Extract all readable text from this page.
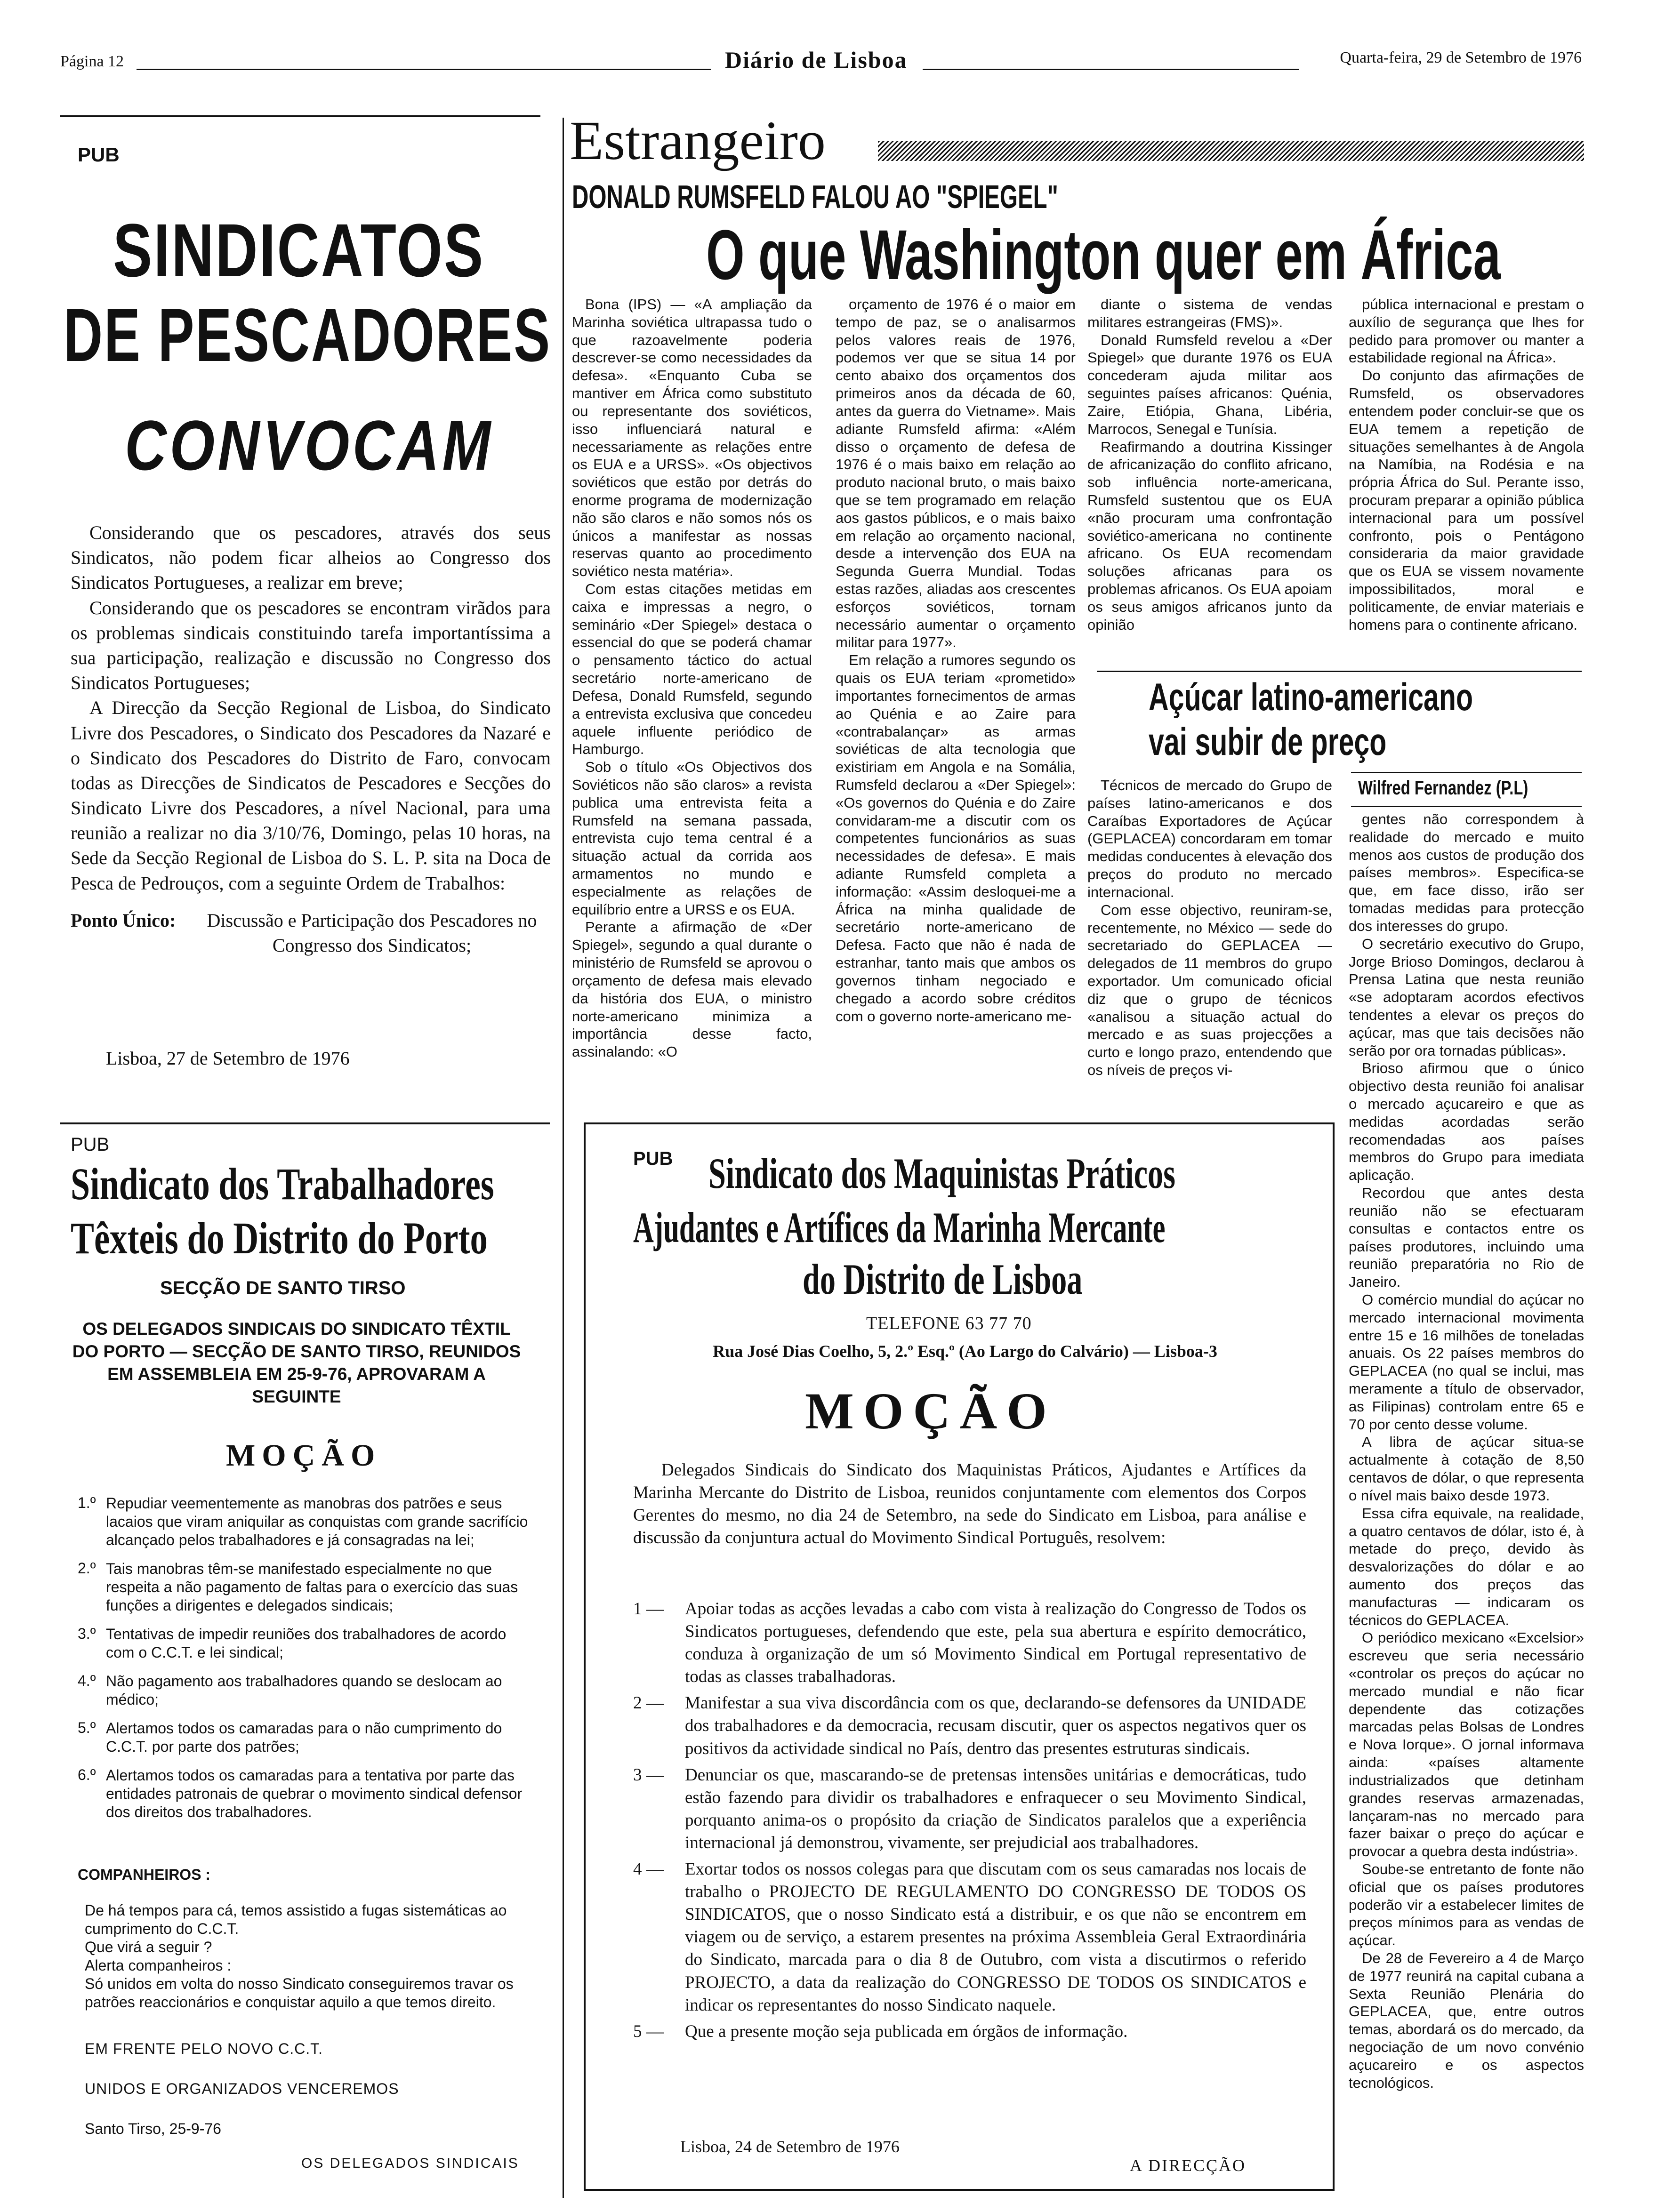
Página 12	Diário de Lisboa	Quarta-feira, 29 de Setembro de 1976
PUB
SINDICATOS
DE PESCADORES
CONVOCAM

Considerando que os pescadores, através dos seus Sindicatos, não podem ficar alheios ao Congresso dos Sindicatos Portugueses, a realizar em breve;

Considerando que os pescadores se encontram virãdos para os problemas sindicais constituindo tarefa importantíssima a sua participação, realização e discussão no Congresso dos Sindicatos Portugueses;

A Direcção da Secção Regional de Lisboa, do Sindicato Livre dos Pescadores, o Sindicato dos Pescadores da Nazaré e o Sindicato dos Pescadores do Distrito de Faro, convocam todas as Direcções de Sindicatos de Pescadores e Secções do Sindicato Livre dos Pescadores, a nível Nacional, para uma reunião a realizar no dia 3/10/76, Domingo, pelas 10 horas, na Sede da Secção Regional de Lisboa do S. L. P. sita na Doca de Pesca de Pedrouços, com a seguinte Ordem de Trabalhos:

Ponto Único:	Discussão e Participação dos Pescadores no Congresso dos Sindicatos;
Lisboa, 27 de Setembro de 1976
PUB
Sindicato dos Trabalhadores
Têxteis do Distrito do Porto
SECÇÃO DE SANTO TIRSO
OS DELEGADOS SINDICAIS DO SINDICATO TÊXTIL DO PORTO — SECÇÃO DE SANTO TIRSO, REUNIDOS EM ASSEMBLEIA EM 25-9-76, APROVARAM A SEGUINTE
MOÇÃO
1.º Repudiar veementemente as manobras dos patrões e seus lacaios que viram aniquilar as conquistas com grande sacrifício alcançado pelos trabalhadores e já consagradas na lei;
2.º Tais manobras têm-se manifestado especialmente no que respeita a não pagamento de faltas para o exercício das suas funções a dirigentes e delegados sindicais;
3.º Tentativas de impedir reuniões dos trabalhadores de acordo com o C.C.T. e lei sindical;
4.º Não pagamento aos trabalhadores quando se deslocam ao médico;
5.º Alertamos todos os camaradas para o não cumprimento do C.C.T. por parte dos patrões;
6.º Alertamos todos os camaradas para a tentativa por parte das entidades patronais de quebrar o movimento sindical defensor dos direitos dos trabalhadores.
COMPANHEIROS :
De há tempos para cá, temos assistido a fugas sistemáticas ao cumprimento do C.C.T.
Que virá a seguir ?
Alerta companheiros :
Só unidos em volta do nosso Sindicato conseguiremos travar os patrões reaccionários e conquistar aquilo a que temos direito.
EM FRENTE PELO NOVO C.C.T.
UNIDOS E ORGANIZADOS VENCEREMOS
Santo Tirso, 25-9-76
OS DELEGADOS SINDICAIS
Estrangeiro
DONALD RUMSFELD FALOU AO "SPIEGEL"
O que Washington quer em África

Bona (IPS) — «A ampliação da Marinha soviética ultrapassa tudo o que razoavelmente poderia descrever-se como necessidades da defesa». «Enquanto Cuba se mantiver em África como substituto ou representante dos soviéticos, isso influenciará natural e necessariamente as relações entre os EUA e a URSS». «Os objectivos soviéticos que estão por detrás do enorme programa de modernização não são claros e não somos nós os únicos a manifestar as nossas reservas quanto ao procedimento soviético nesta matéria».

Com estas citações metidas em caixa e impressas a negro, o seminário «Der Spiegel» destaca o essencial do que se poderá chamar o pensamento táctico do actual secretário norte-americano de Defesa, Donald Rumsfeld, segundo a entrevista exclusiva que concedeu aquele influente periódico de Hamburgo.

Sob o título «Os Objectivos dos Soviéticos não são claros» a revista publica uma entrevista feita a Rumsfeld na semana passada, entrevista cujo tema central é a situação actual da corrida aos armamentos no mundo e especialmente as relações de equilíbrio entre a URSS e os EUA.

Perante a afirmação de «Der Spiegel», segundo a qual durante o ministério de Rumsfeld se aprovou o orçamento de defesa mais elevado da história dos EUA, o ministro norte-americano minimiza a importância desse facto, assinalando: «O

orçamento de 1976 é o maior em tempo de paz, se o analisarmos pelos valores reais de 1976, podemos ver que se situa 14 por cento abaixo dos orçamentos dos primeiros anos da década de 60, antes da guerra do Vietname». Mais adiante Rumsfeld afirma: «Além disso o orçamento de defesa de 1976 é o mais baixo em relação ao produto nacional bruto, o mais baixo que se tem programado em relação aos gastos públicos, e o mais baixo em relação ao orçamento nacional, desde a intervenção dos EUA na Segunda Guerra Mundial. Todas estas razões, aliadas aos crescentes esforços soviéticos, tornam necessário aumentar o orçamento militar para 1977».

Em relação a rumores segundo os quais os EUA teriam «prometido» importantes fornecimentos de armas ao Quénia e ao Zaire para «contrabalançar» as armas soviéticas de alta tecnologia que existiriam em Angola e na Somália, Rumsfeld declarou a «Der Spiegel»: «Os governos do Quénia e do Zaire convidaram-me a discutir com os competentes funcionários as suas necessidades de defesa». E mais adiante Rumsfeld completa a informação: «Assim desloquei-me a África na minha qualidade de secretário norte-americano de Defesa. Facto que não é nada de estranhar, tanto mais que ambos os governos tinham negociado e chegado a acordo sobre créditos com o governo norte-americano me-

diante o sistema de vendas militares estrangeiras (FMS)».

Donald Rumsfeld revelou a «Der Spiegel» que durante 1976 os EUA concederam ajuda militar aos seguintes países africanos: Quénia, Zaire, Etiópia, Ghana, Libéria, Marrocos, Senegal e Tunísia.

Reafirmando a doutrina Kissinger de africanização do conflito africano, sob influência norte-americana, Rumsfeld sustentou que os EUA «não procuram uma confrontação soviético-americana no continente africano. Os EUA recomendam soluções africanas para os problemas africanos. Os EUA apoiam os seus amigos africanos junto da opinião

pública internacional e prestam o auxílio de segurança que lhes for pedido para promover ou manter a estabilidade regional na África».

Do conjunto das afirmações de Rumsfeld, os observadores entendem poder concluir-se que os EUA temem a repetição de situações semelhantes à de Angola na Namíbia, na Rodésia e na própria África do Sul. Perante isso, procuram preparar a opinião pública internacional para um possível confronto, pois o Pentágono consideraria da maior gravidade que os EUA se vissem novamente impossibilitados, moral e politicamente, de enviar materiais e homens para o continente africano.

Açúcar latino-americano
vai subir de preço

Técnicos de mercado do Grupo de países latino-americanos e dos Caraíbas Exportadores de Açúcar (GEPLACEA) concordaram em tomar medidas conducentes à elevação dos preços do produto no mercado internacional.

Com esse objectivo, reuniram-se, recentemente, no México — sede do secretariado do GEPLACEA — delegados de 11 membros do grupo exportador. Um comunicado oficial diz que o grupo de técnicos «analisou a situação actual do mercado e as suas projecções a curto e longo prazo, entendendo que os níveis de preços vi-

Wilfred Fernandez (P.L)

gentes não correspondem à realidade do mercado e muito menos aos custos de produção dos países membros». Especifica-se que, em face disso, irão ser tomadas medidas para protecção dos interesses do grupo.

O secretário executivo do Grupo, Jorge Brioso Domingos, declarou à Prensa Latina que nesta reunião «se adoptaram acordos efectivos tendentes a elevar os preços do açúcar, mas que tais decisões não serão por ora tornadas públicas».

Brioso afirmou que o único objectivo desta reunião foi analisar o mercado açucareiro e que as medidas acordadas serão recomendadas aos países membros do Grupo para imediata aplicação.

Recordou que antes desta reunião não se efectuaram consultas e contactos entre os países produtores, incluindo uma reunião preparatória no Rio de Janeiro.

O comércio mundial do açúcar no mercado internacional movimenta entre 15 e 16 milhões de toneladas anuais. Os 22 países membros do GEPLACEA (no qual se inclui, mas meramente a título de observador, as Filipinas) controlam entre 65 e 70 por cento desse volume.

A libra de açúcar situa-se actualmente à cotação de 8,50 centavos de dólar, o que representa o nível mais baixo desde 1973.

Essa cifra equivale, na realidade, a quatro centavos de dólar, isto é, à metade do preço, devido às desvalorizações do dólar e ao aumento dos preços das manufacturas — indicaram os técnicos do GEPLACEA.

O periódico mexicano «Excelsior» escreveu que seria necessário «controlar os preços do açúcar no mercado mundial e não ficar dependente das cotizações marcadas pelas Bolsas de Londres e Nova Iorque». O jornal informava ainda: «países altamente industrializados que detinham grandes reservas armazenadas, lançaram-nas no mercado para fazer baixar o preço do açúcar e provocar a quebra desta indústria».

Soube-se entretanto de fonte não oficial que os países produtores poderão vir a estabelecer limites de preços mínimos para as vendas de açúcar.

De 28 de Fevereiro a 4 de Março de 1977 reunirá na capital cubana a Sexta Reunião Plenária do GEPLACEA, que, entre outros temas, abordará os do mercado, da negociação de um novo convénio açucareiro e os aspectos tecnológicos.

PUB Sindicato dos Maquinistas Práticos
Ajudantes e Artífices da Marinha Mercante
do Distrito de Lisboa
TELEFONE 63 77 70
Rua José Dias Coelho, 5, 2.º Esq.º (Ao Largo do Calvário) — Lisboa-3
MOÇÃO
Delegados Sindicais do Sindicato dos Maquinistas Práticos, Ajudantes e Artífices da Marinha Mercante do Distrito de Lisboa, reunidos conjuntamente com elementos dos Corpos Gerentes do mesmo, no dia 24 de Setembro, na sede do Sindicato em Lisboa, para análise e discussão da conjuntura actual do Movimento Sindical Português, resolvem:
1 —	Apoiar todas as acções levadas a cabo com vista à realização do Congresso de Todos os Sindicatos portugueses, defendendo que este, pela sua abertura e espírito democrático, conduza à organização de um só Movimento Sindical em Portugal representativo de todas as classes trabalhadoras.
2 —	Manifestar a sua viva discordância com os que, declarando-se defensores da UNIDADE dos trabalhadores e da democracia, recusam discutir, quer os aspectos negativos quer os positivos da actividade sindical no País, dentro das presentes estruturas sindicais.
3 —	Denunciar os que, mascarando-se de pretensas intensões unitárias e democráticas, tudo estão fazendo para dividir os trabalhadores e enfraquecer o seu Movimento Sindical, porquanto anima-os o propósito da criação de Sindicatos paralelos que a experiência internacional já demonstrou, vivamente, ser prejudicial aos trabalhadores.
4 —	Exortar todos os nossos colegas para que discutam com os seus camaradas nos locais de trabalho o PROJECTO DE REGULAMENTO DO CONGRESSO DE TODOS OS SINDICATOS, que o nosso Sindicato está a distribuir, e os que não se encontrem em viagem ou de serviço, a estarem presentes na próxima Assembleia Geral Extraordinária do Sindicato, marcada para o dia 8 de Outubro, com vista a discutirmos o referido PROJECTO, a data da realização do CONGRESSO DE TODOS OS SINDICATOS e indicar os representantes do nosso Sindicato naquele.
5 —	Que a presente moção seja publicada em órgãos de informação.
Lisboa, 24 de Setembro de 1976
A DIRECÇÃO
